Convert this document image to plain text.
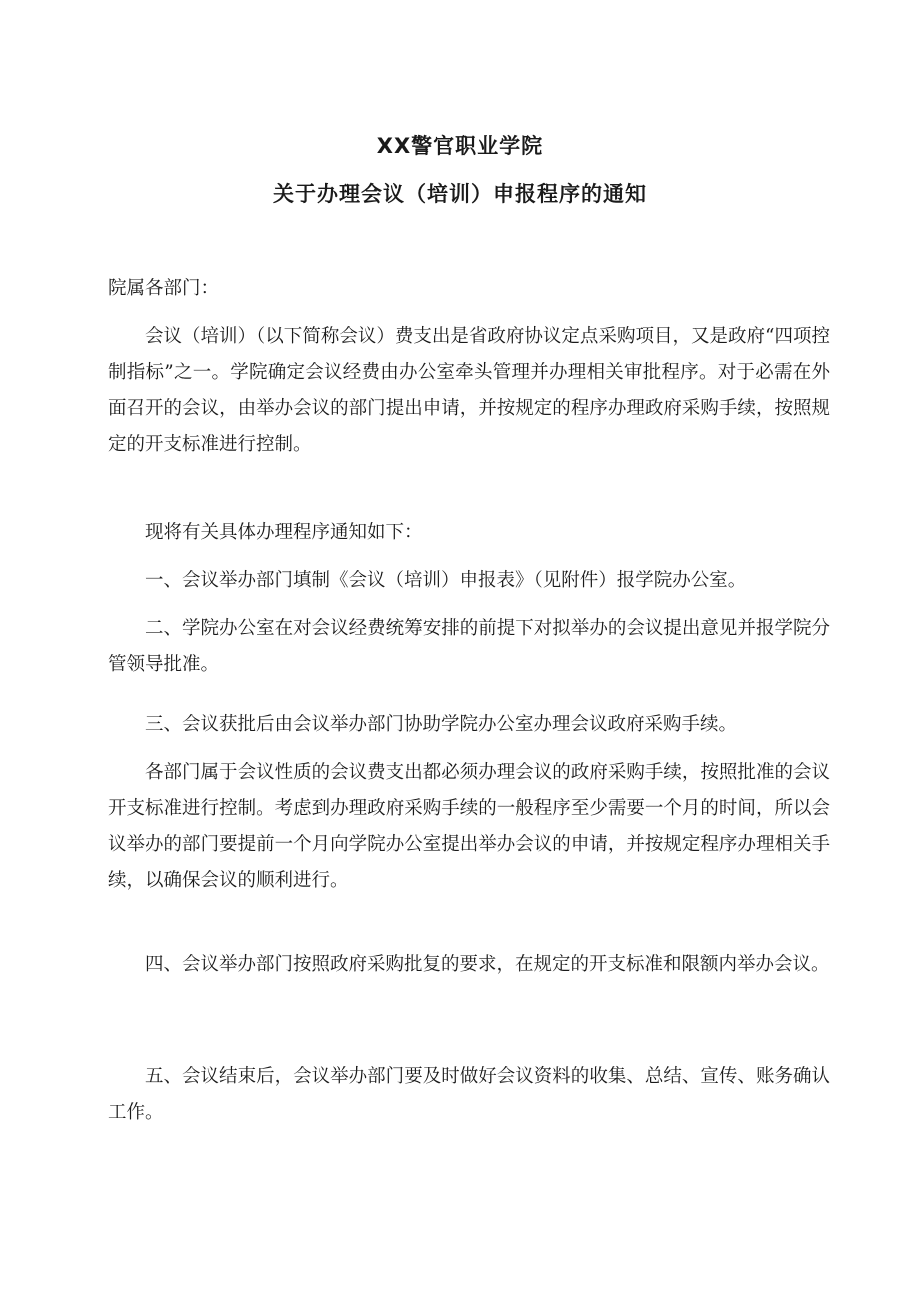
XX警官职业学院
关于办理会议（培训）申报程序的通知

院属各部门：

会议（培训）（以下简称会议）费支出是省政府协议定点采购项目，又是政府“四项控制指标”之一。学院确定会议经费由办公室牵头管理并办理相关审批程序。对于必需在外面召开的会议，由举办会议的部门提出申请，并按规定的程序办理政府采购手续，按照规定的开支标准进行控制。

现将有关具体办理程序通知如下：

一、会议举办部门填制《会议（培训）申报表》（见附件）报学院办公室。

二、学院办公室在对会议经费统筹安排的前提下对拟举办的会议提出意见并报学院分管领导批准。

三、会议获批后由会议举办部门协助学院办公室办理会议政府采购手续。

各部门属于会议性质的会议费支出都必须办理会议的政府采购手续，按照批准的会议开支标准进行控制。考虑到办理政府采购手续的一般程序至少需要一个月的时间，所以会议举办的部门要提前一个月向学院办公室提出举办会议的申请，并按规定程序办理相关手续，以确保会议的顺利进行。

四、会议举办部门按照政府采购批复的要求，在规定的开支标准和限额内举办会议。

五、会议结束后，会议举办部门要及时做好会议资料的收集、总结、宣传、账务确认工作。
